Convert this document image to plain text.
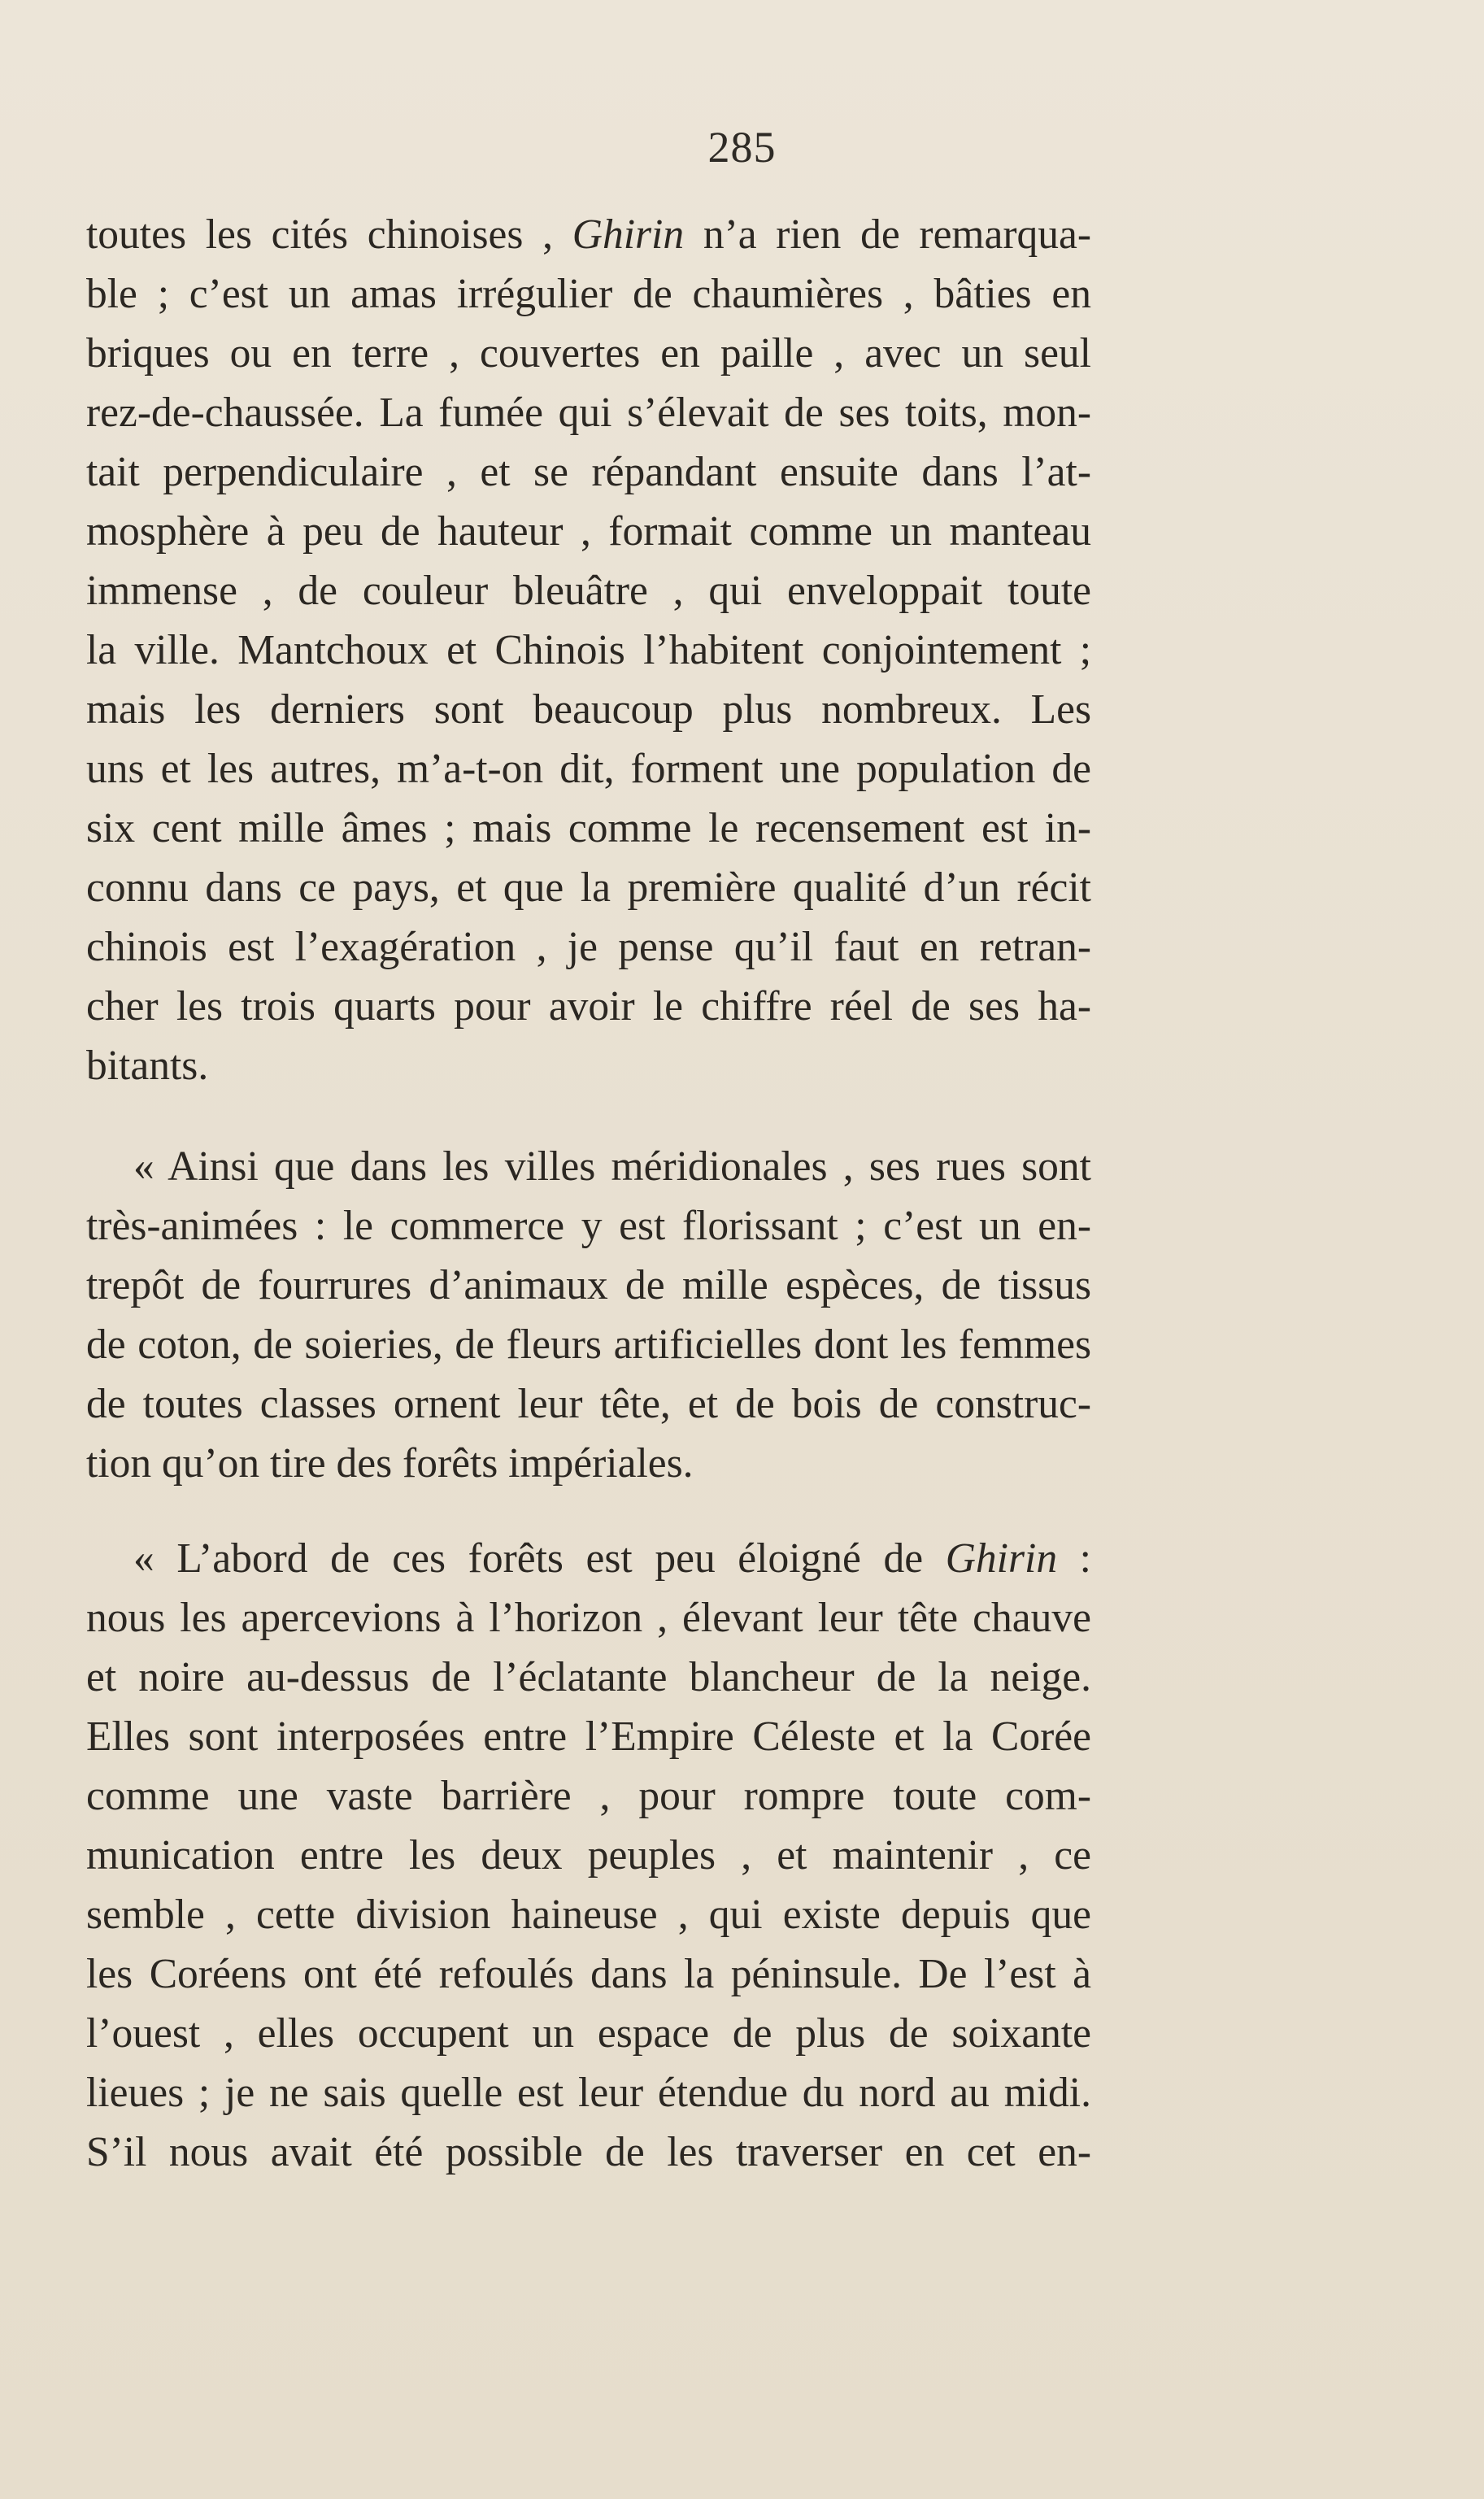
285
toutes les cités chinoises , Ghirin n’a rien de remarqua-
ble ; c’est un amas irrégulier de chaumières , bâties en
briques ou en terre , couvertes en paille , avec un seul
rez-de-chaussée. La fumée qui s’élevait de ses toits, mon-
tait perpendiculaire , et se répandant ensuite dans l’at-
mosphère à peu de hauteur , formait comme un manteau
immense , de couleur bleuâtre , qui enveloppait toute
la ville. Mantchoux et Chinois l’habitent conjointement ;
mais les derniers sont beaucoup plus nombreux. Les
uns et les autres, m’a-t-on dit, forment une population de
six cent mille âmes ; mais comme le recensement est in-
connu dans ce pays, et que la première qualité d’un récit
chinois est l’exagération , je pense qu’il faut en retran-
cher les trois quarts pour avoir le chiffre réel de ses ha-
bitants.
« Ainsi que dans les villes méridionales , ses rues sont
très-animées : le commerce y est florissant ; c’est un en-
trepôt de fourrures d’animaux de mille espèces, de tissus
de coton, de soieries, de fleurs artificielles dont les femmes
de toutes classes ornent leur tête, et de bois de construc-
tion qu’on tire des forêts impériales.
« L’abord de ces forêts est peu éloigné de Ghirin :
nous les apercevions à l’horizon , élevant leur tête chauve
et noire au-dessus de l’éclatante blancheur de la neige.
Elles sont interposées entre l’Empire Céleste et la Corée
comme une vaste barrière , pour rompre toute com-
munication entre les deux peuples , et maintenir , ce
semble , cette division haineuse , qui existe depuis que
les Coréens ont été refoulés dans la péninsule. De l’est à
l’ouest , elles occupent un espace de plus de soixante
lieues ; je ne sais quelle est leur étendue du nord au midi.
S’il nous avait été possible de les traverser en cet en-
